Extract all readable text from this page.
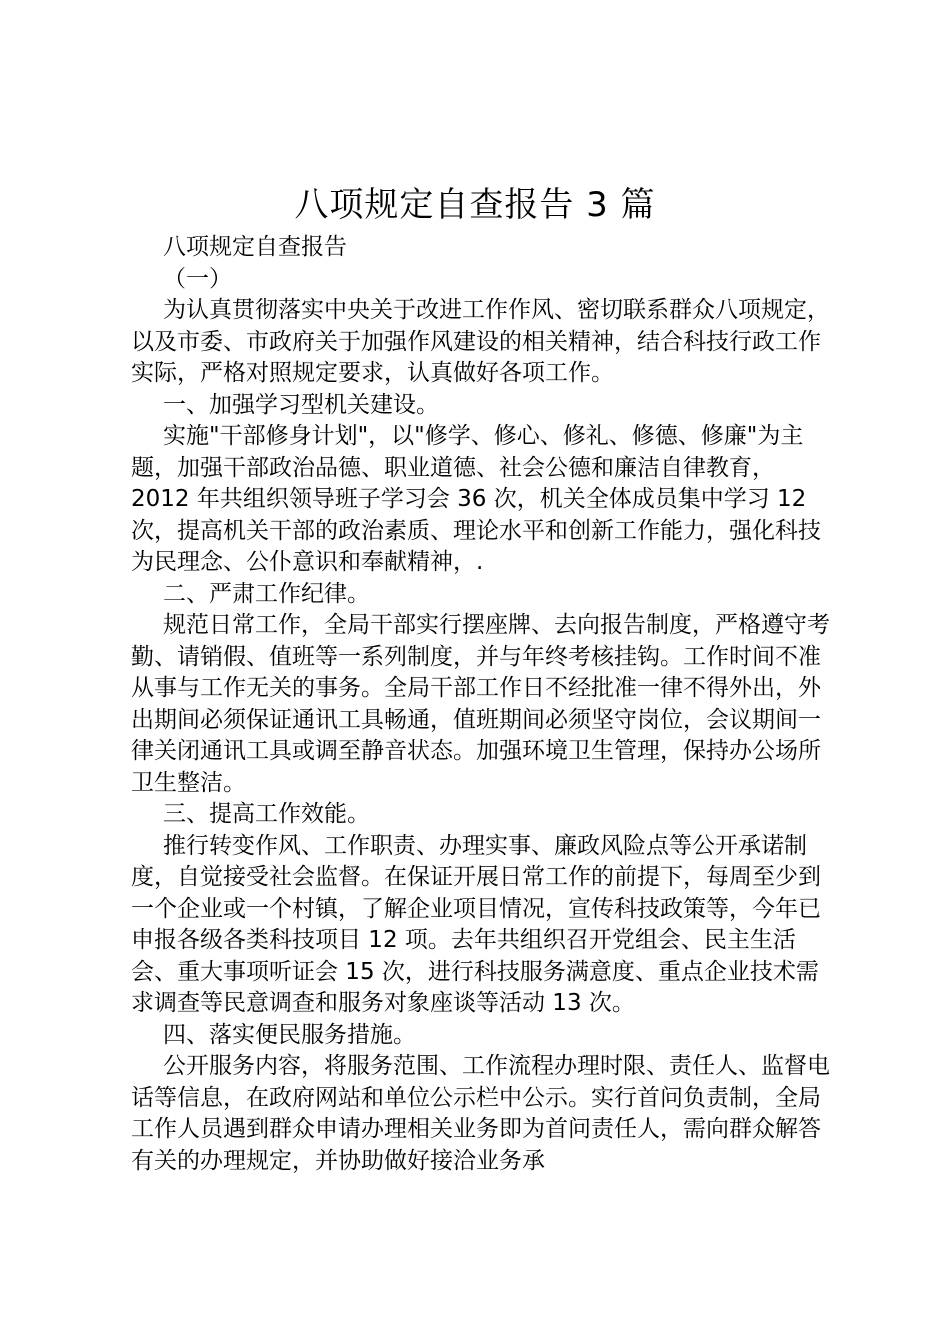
八项规定自查报告 3 篇

八项规定自查报告

（一）

为认真贯彻落实中央关于改进工作作风、密切联系群众八项规定，以及市委、市政府关于加强作风建设的相关精神，结合科技行政工作实际，严格对照规定要求，认真做好各项工作。

一、加强学习型机关建设。

实施"干部修身计划"，以"修学、修心、修礼、修德、修廉"为主题，加强干部政治品德、职业道德、社会公德和廉洁自律教育，2012 年共组织领导班子学习会 36 次，机关全体成员集中学习 12 次，提高机关干部的政治素质、理论水平和创新工作能力，强化科技为民理念、公仆意识和奉献精神，.

二、严肃工作纪律。

规范日常工作，全局干部实行摆座牌、去向报告制度，严格遵守考勤、请销假、值班等一系列制度，并与年终考核挂钩。工作时间不准从事与工作无关的事务。全局干部工作日不经批准一律不得外出，外出期间必须保证通讯工具畅通，值班期间必须坚守岗位，会议期间一律关闭通讯工具或调至静音状态。加强环境卫生管理，保持办公场所卫生整洁。

三、提高工作效能。

推行转变作风、工作职责、办理实事、廉政风险点等公开承诺制度，自觉接受社会监督。在保证开展日常工作的前提下，每周至少到一个企业或一个村镇，了解企业项目情况，宣传科技政策等，今年已申报各级各类科技项目 12 项。去年共组织召开党组会、民主生活会、重大事项听证会 15 次，进行科技服务满意度、重点企业技术需求调查等民意调查和服务对象座谈等活动 13 次。

四、落实便民服务措施。

公开服务内容，将服务范围、工作流程办理时限、责任人、监督电话等信息，在政府网站和单位公示栏中公示。实行首问负责制，全局工作人员遇到群众申请办理相关业务即为首问责任人，需向群众解答有关的办理规定，并协助做好接洽业务承
